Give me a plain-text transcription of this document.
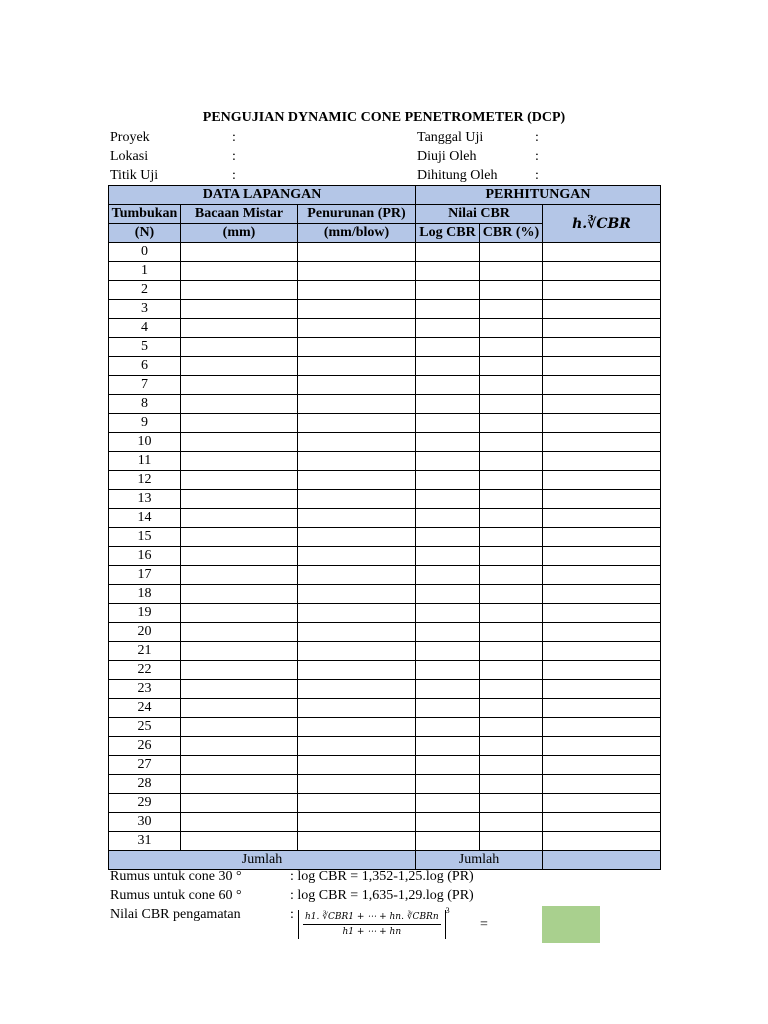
PENGUJIAN DYNAMIC CONE PENETROMETER (DCP)
Proyek	:
Lokasi	:
Titik Uji	:
Tanggal Uji	:
Diuji Oleh	:
Dihitung Oleh	:
DATA LAPANGAN			PERHITUNGAN		
Tumbukan	Bacaan Mistar	Penurunan (PR)	Nilai CBR		h.∛CBR
(N)	(mm)	(mm/blow)	Log CBR	CBR (%)	
0					
1					
2					
3					
4					
5					
6					
7					
8					
9					
10					
11					
12					
13					
14					
15					
16					
17					
18					
19					
20					
21					
22					
23					
24					
25					
26					
27					
28					
29					
30					
31					
Jumlah			Jumlah		
Rumus untuk cone 30 °	: log CBR = 1,352-1,25.log (PR)
Rumus untuk cone 60 °	: log CBR = 1,635-1,29.log (PR)
Nilai CBR pengamatan	: $\frac{\text{h1. ∛CBR1 + ⋯ + hn. ∛CBRn}}{h1 + \cdots + hn} ^3$
=
